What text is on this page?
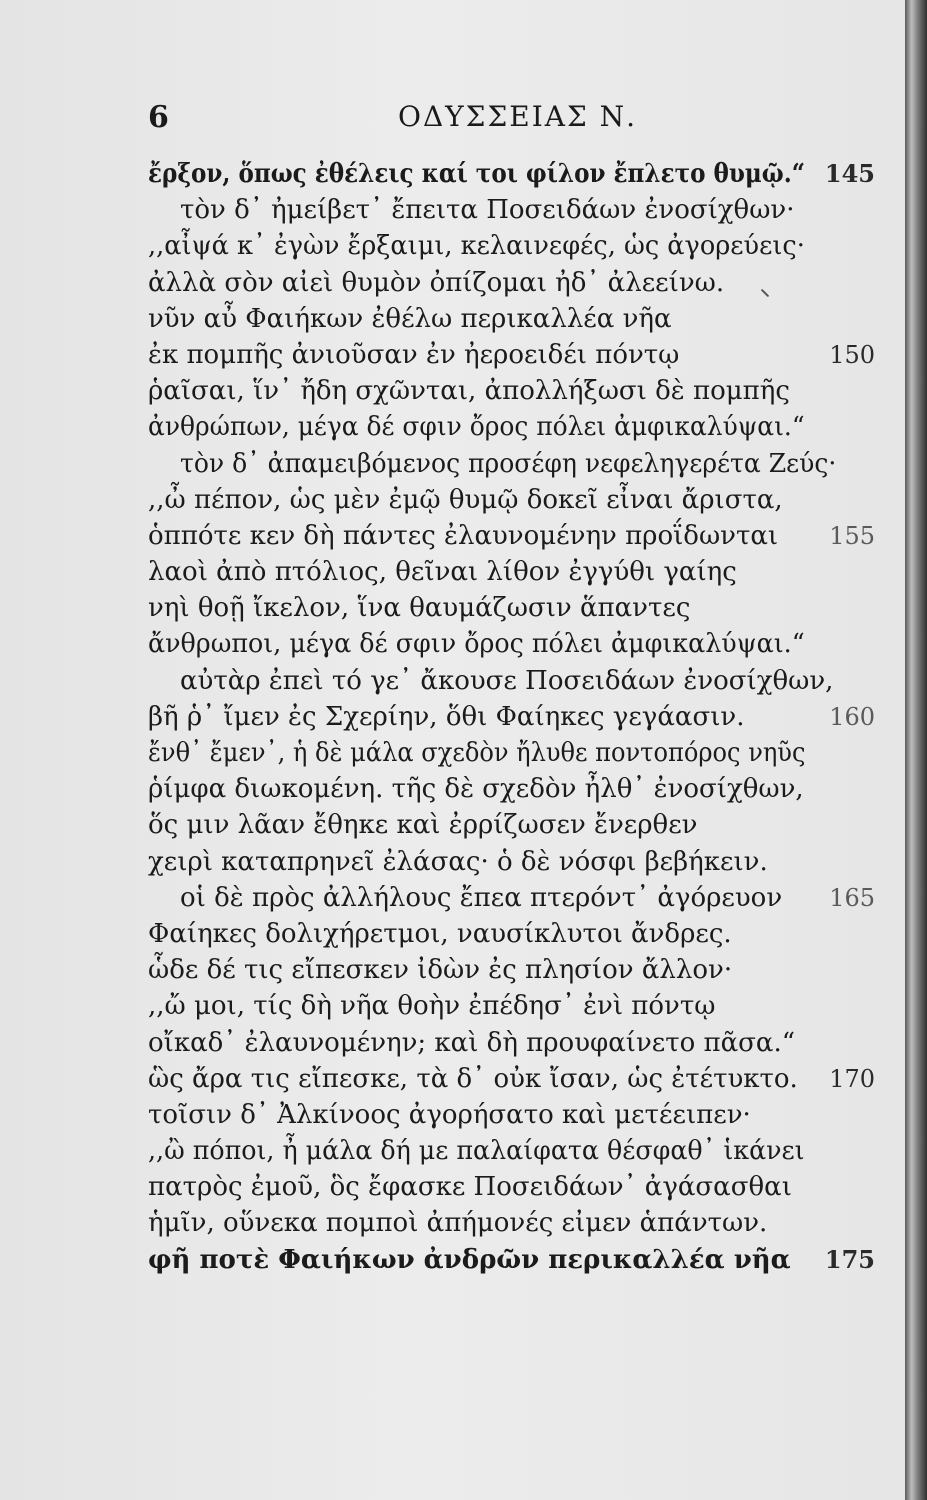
6	ΟΔΥΣΣΕΙΑΣ Ν.
ἔρξον, ὅπως ἐθέλεις καί τοι φίλον ἔπλετο θυμῷ.“ 145
τὸν δ᾽ ἠμείβετ᾽ ἔπειτα Ποσειδάων ἐνοσίχθων·
,,αἶψά κ᾽ ἐγὼν ἔρξαιμι, κελαινεφές, ὡς ἀγορεύεις·
ἀλλὰ σὸν αἰεὶ θυμὸν ὀπίζομαι ἠδ᾽ ἀλεείνω.
νῦν αὖ Φαιήκων ἐθέλω περικαλλέα νῆα
ἐκ πομπῆς ἀνιοῦσαν ἐν ἠεροειδέι πόντῳ	150
ῥαῖσαι, ἵν᾽ ἤδη σχῶνται, ἀπολλήξωσι δὲ πομπῆς
ἀνθρώπων, μέγα δέ σφιν ὄρος πόλει ἀμφικαλύψαι.“
τὸν δ᾽ ἀπαμειβόμενος προσέφη νεφεληγερέτα Ζεύς·
,,ὦ πέπον, ὡς μὲν ἐμῷ θυμῷ δοκεῖ εἶναι ἄριστα,
ὁππότε κεν δὴ πάντες ἐλαυνομένην προΐδωνται 155
λαοὶ ἀπὸ πτόλιος, θεῖναι λίθον ἐγγύθι γαίης
νηὶ θοῇ ἴκελον, ἵνα θαυμάζωσιν ἅπαντες
ἄνθρωποι, μέγα δέ σφιν ὄρος πόλει ἀμφικαλύψαι.“
αὐτὰρ ἐπεὶ τό γε᾽ ἄκουσε Ποσειδάων ἐνοσίχθων,
βῆ ῥ᾽ ἴμεν ἐς Σχερίην, ὅθι Φαίηκες γεγάασιν.	160
ἔνθ᾽ ἔμεν᾽, ἡ δὲ μάλα σχεδὸν ἤλυθε ποντοπόρος νηῦς
ῥίμφα διωκομένη. τῆς δὲ σχεδὸν ἦλθ᾽ ἐνοσίχθων,
ὅς μιν λᾶαν ἔθηκε καὶ ἐρρίζωσεν ἔνερθεν
χειρὶ καταπρηνεῖ ἐλάσας· ὁ δὲ νόσφι βεβήκειν.
οἱ δὲ πρὸς ἀλλήλους ἔπεα πτερόντ᾽ ἀγόρευον 165
Φαίηκες δολιχήρετμοι, ναυσίκλυτοι ἄνδρες.
ὧδε δέ τις εἴπεσκεν ἰδὼν ἐς πλησίον ἄλλον·
,,ὤ μοι, τίς δὴ νῆα θοὴν ἐπέδησ᾽ ἐνὶ πόντῳ
οἴκαδ᾽ ἐλαυνομένην; καὶ δὴ προυφαίνετο πᾶσα.“
ὣς ἄρα τις εἴπεσκε, τὰ δ᾽ οὐκ ἴσαν, ὡς ἐτέτυκτο. 170
τοῖσιν δ᾽ Ἀλκίνοος ἀγορήσατο καὶ μετέειπεν·
,,ὢ πόποι, ἦ μάλα δή με παλαίφατα θέσφαθ᾽ ἱκάνει
πατρὸς ἐμοῦ, ὃς ἔφασκε Ποσειδάων᾽ ἀγάσασθαι
ἡμῖν, οὕνεκα πομποὶ ἀπήμονές εἰμεν ἁπάντων.
φῆ ποτὲ Φαιήκων ἀνδρῶν περικαλλέα νῆα 175
